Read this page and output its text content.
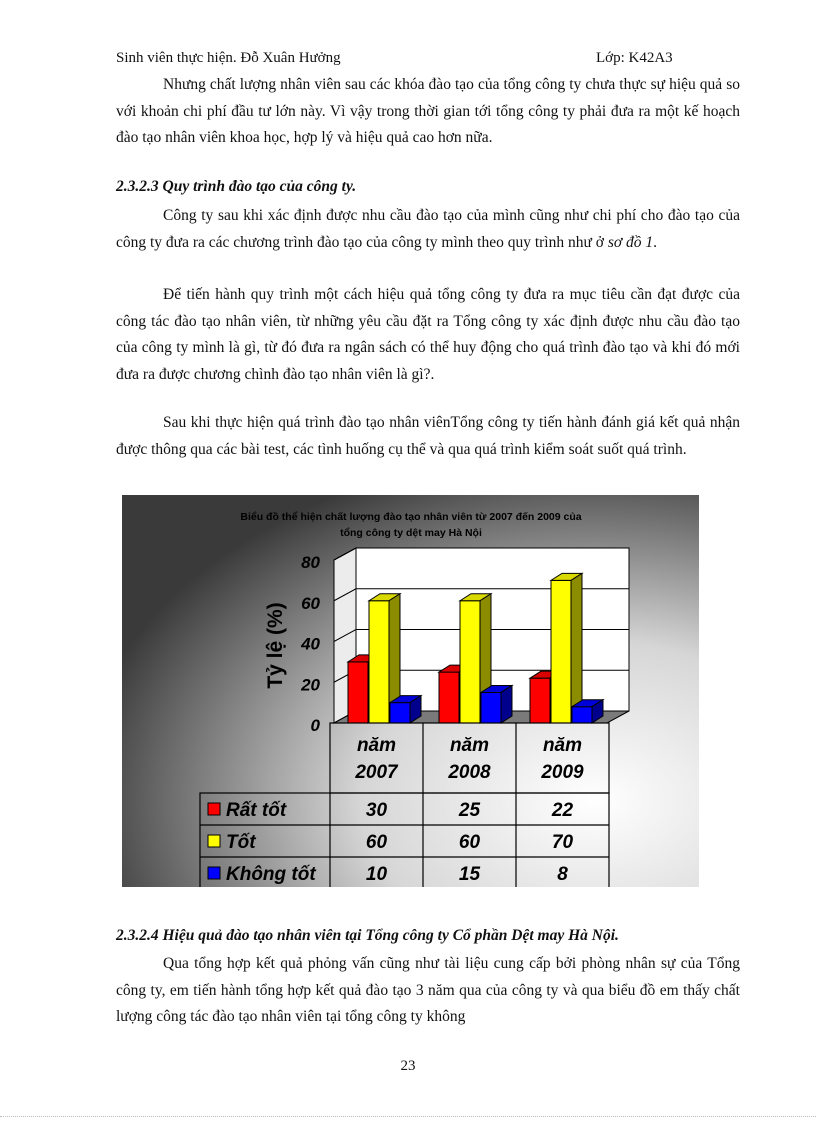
Sinh viên thực hiện. Đỗ Xuân Hưởng	Lớp: K42A3

Nhưng chất lượng nhân viên sau các khóa đào tạo của tổng công ty chưa thực sự hiệu quả so với khoản chi phí đầu tư lớn này. Vì vậy trong thời gian tới tổng công ty phải đưa ra một kế hoạch đào tạo nhân viên khoa học, hợp lý và hiệu quả cao hơn nữa.

2.3.2.3 Quy trình đào tạo của công ty.

Công ty sau khi xác định được nhu cầu đào tạo của mình cũng như chi phí cho đào tạo của công ty đưa ra các chương trình đào tạo của công ty mình theo quy trình như ở sơ đồ 1.

Để tiến hành quy trình một cách hiệu quả tổng công ty đưa ra mục tiêu cần đạt được của công tác đào tạo nhân viên, từ những yêu cầu đặt ra Tổng công ty xác định được nhu cầu đào tạo của công ty mình là gì, từ đó đưa ra ngân sách có thể huy động cho quá trình đào tạo và khi đó mới đưa ra được chương chình đào tạo nhân viên là gì?.

Sau khi thực hiện quá trình đào tạo nhân viênTổng công ty tiến hành đánh giá kết quả nhận được thông qua các bài test, các tình huống cụ thể và qua quá trình kiểm soát suốt quá trình.

Biểu đồ thể hiện chất lượng đào tạo nhân viên từ 2007 đến 2009 của
tổng công ty dệt may Hà Nội
0
20
40
60
80
Tỷ lệ (%)
năm
2007
năm
2008
năm
2009
Rất tốt	30	25	22
Tốt	60	60	70
Không tốt	10	15	8

2.3.2.4 Hiệu quả đào tạo nhân viên tại Tổng công ty Cổ phần Dệt may Hà Nội.

Qua tổng hợp kết quả phỏng vấn cũng như tài liệu cung cấp bởi phòng nhân sự của Tổng công ty, em tiến hành tổng hợp kết quả đào tạo 3 năm qua của công ty và qua biểu đồ em thấy chất lượng công tác đào tạo nhân viên tại tổng công ty không

23
